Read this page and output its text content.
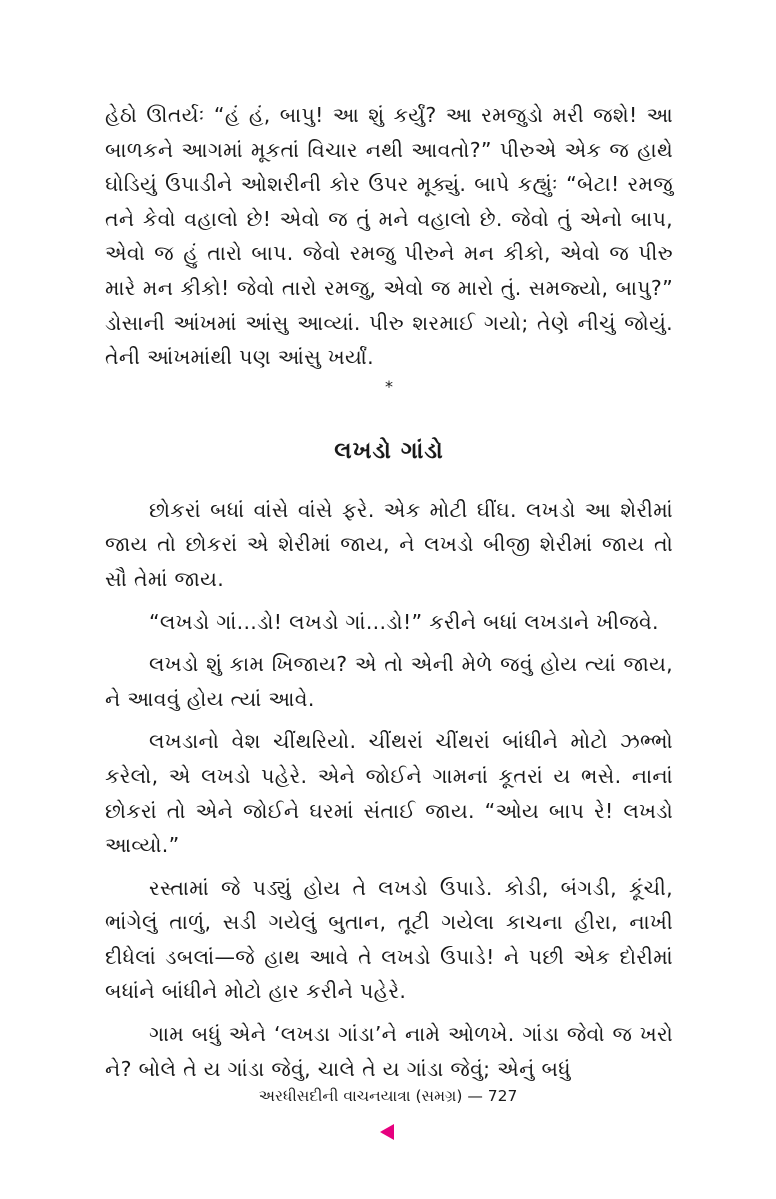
હેઠો ઊતર્યઃ “હં હં, બાપુ! આ શું કર્યું? આ રમજુડો મરી જશે! આ બાળકને આગમાં મૂકતાં વિચાર નથી આવતો?” પીરુએ એક જ હાથે ઘોડિયું ઉપાડીને ઓશરીની કોર ઉપર મૂક્યું. બાપે કહ્યુંઃ “બેટા! રમજુ તને કેવો વહાલો છે! એવો જ તું મને વહાલો છે. જેવો તું એનો બાપ, એવો જ હું તારો બાપ. જેવો રમજુ પીરુને મન કીકો, એવો જ પીરુ મારે મન કીકો! જેવો તારો રમજુ, એવો જ મારો તું. સમજ્યો, બાપુ?” ડોસાની આંખમાં આંસુ આવ્યાં. પીરુ શરમાઈ ગયો; તેણે નીચું જોયું. તેની આંખમાંથી પણ આંસુ ખર્યાં.

*

લખડો ગાંડો

છોકરાં બધાં વાંસે વાંસે ફરે. એક મોટી ઘીંઘ. લખડો આ શેરીમાં જાય તો છોકરાં એ શેરીમાં જાય, ને લખડો બીજી શેરીમાં જાય તો સૌ તેમાં જાય.

“લખડો ગાં...ડો! લખડો ગાં...ડો!” કરીને બધાં લખડાને ખીજવે.

લખડો શું કામ ખિજાય? એ તો એની મેળે જવું હોય ત્યાં જાય, ને આવવું હોય ત્યાં આવે.

લખડાનો વેશ ચીંથરિયો. ચીંથરાં ચીંથરાં બાંધીને મોટો ઝભ્ભો કરેલો, એ લખડો પહેરે. એને જોઈને ગામનાં કૂતરાં ય ભસે. નાનાં છોકરાં તો એને જોઈને ઘરમાં સંતાઈ જાય. “ઓય બાપ રે! લખડો આવ્યો.”

રસ્તામાં જે પડ્યું હોય તે લખડો ઉપાડે. કોડી, બંગડી, કૂંચી, ભાંગેલું તાળું, સડી ગયેલું બુતાન, તૂટી ગયેલા કાચના હીરા, નાખી દીધેલાં ડબલાં—જે હાથ આવે તે લખડો ઉપાડે! ને પછી એક દોરીમાં બધાંને બાંધીને મોટો હાર કરીને પહેરે.

ગામ બધું એને ‘લખડા ગાંડા’ને નામે ઓળખે. ગાંડા જેવો જ ખરો ને? બોલે તે ય ગાંડા જેવું, ચાલે તે ય ગાંડા જેવું; એનું બધું

અરધીસદીની વાચનયાત્રા (સમગ્ર) — 727
